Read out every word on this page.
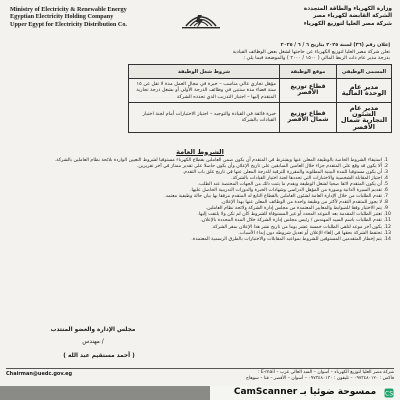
Ministry of Electricity & Renewable Energy
Egyptian Electricity Holding Company
Upper Egypt for Electricity Distribution Co.
وزارة الكهرباء والطاقة المتجددة
الشركة القابضة لكهرباء مصر
شركة مصر العليا لتوزيع الكهرباء
إعلان رقم (٣٦) لسنة ٢٠٢٥ بتاريخ ٦ / ٦ / ٢٠٢٥
تعلن شركة مصر العليا لتوزيع الكهرباء عن حاجتها لشغل بعض الوظائف القيادية
بدرجة مدير عام ذات الربط المالي ( ١٥٠٠ / ٢٠٠٠ ) والموضحة فيما يلي :
المسمى الوظيفي	موقع الوظيفة	شروط شغل الوظيفة
مدير عام الوحدة المالية	قطاع توزيع الأقصر	مؤهل تجاري عالي مناسب – خبرة في مجال العمل مدة لا تقل عن ١٥ سنة قضاء مدة سنتين في وظائف الدرجة الأولى أو بشغل درجة تجارية المتقدم إليها – اجتياز التدريب الذي تحدده الشركة
مدير عام الشئون التجارية شمال الأقصر	قطاع توزيع شمال الأقصر	خبرة فائقة في القيادة والتوجيه – اجتياز الاختبارات أمام لجنة اختيار القيادات بالشركة
الشروط العامة
1. استيفاء الشروط الخاصة بالوظيفة المعلن عنها ويشترط في المتقدم أن يكون ضمن العاملين بقطاع الكهرباء مستوفيا لشروط التعيين الواردة بلائحة نظام العاملين بالشركة.
2. ألا يكون قد وقع على المتقدم جزاء خلال العامين السابقين على تاريخ الإعلان وأن يكون حاصلا على تقدير ممتاز في آخر تقريرين.
3. أن يكون مستوفيا للمدة البينية المطلوبة والمقررة للترقية للدرجة المعلن عنها في تاريخ غلق باب التقدم.
4. اجتياز المقابلة الشخصية والاختبارات التي تحددها لجنة اختيار القيادات بالشركة.
5. أن يكون المتقدم لائقا صحيا لشغل الوظيفة ويقدم ما يثبت ذلك من الجهات المختصة عند الطلب.
6. تقديم السيرة الذاتية وصورة من المؤهل الدراسي وشهادات الخبرة والدورات التدريبية الحاصل عليها.
7. تقدم الطلبات من خلال الإدارة العامة لشئون العاملين بالقطاع التابع له المتقدم مرفقا بها بيان حالة وظيفية معتمد.
8. لا يجوز للمتقدم التقدم لأكثر من وظيفة واحدة من الوظائف المعلن عنها بهذا الإعلان.
9. يتم الاختيار وفقا للضوابط والمعايير المعتمدة من مجلس إدارة الشركة ولائحة نظام العاملين.
10. تعتبر الطلبات المقدمة بعد الموعد المحدد أو غير المستوفاة للشروط كأن لم تكن ولا يلتفت إليها.
11. تقدم الطلبات باسم السيد المهندس / رئيس مجلس إدارة الشركة خلال المدة المحددة بالإعلان.
12. يكون آخر موعد لتلقي الطلبات خمسة عشر يوما من تاريخ نشر هذا الإعلان بمقر الشركة.
13. تحتفظ الشركة بحقها في إلغاء الإعلان أو تعديل شروطه دون إبداء الأسباب.
14. يتم إخطار المتقدمين المستوفين للشروط بمواعيد المقابلات والاختبارات بالطرق الرسمية المعتمدة.
مجلس الإدارة والعضو المنتدب
مهندس /
( أحمد مستقيم عبد الله )
Chairman@uedc.gov.eg	شركة مصر العليا لتوزيع الكهرباء – أسوان – السد العالي غرب – E-mail :
فاكس : ٠٩٧٣٤٨٠١٢٠ – تليفون : ٠٩٧٣٤٨٠١٣٠ – أسوان – الأقصر – قنا – سوهاج
ممسوحة ضوئيا بـ CamScanner	CS
